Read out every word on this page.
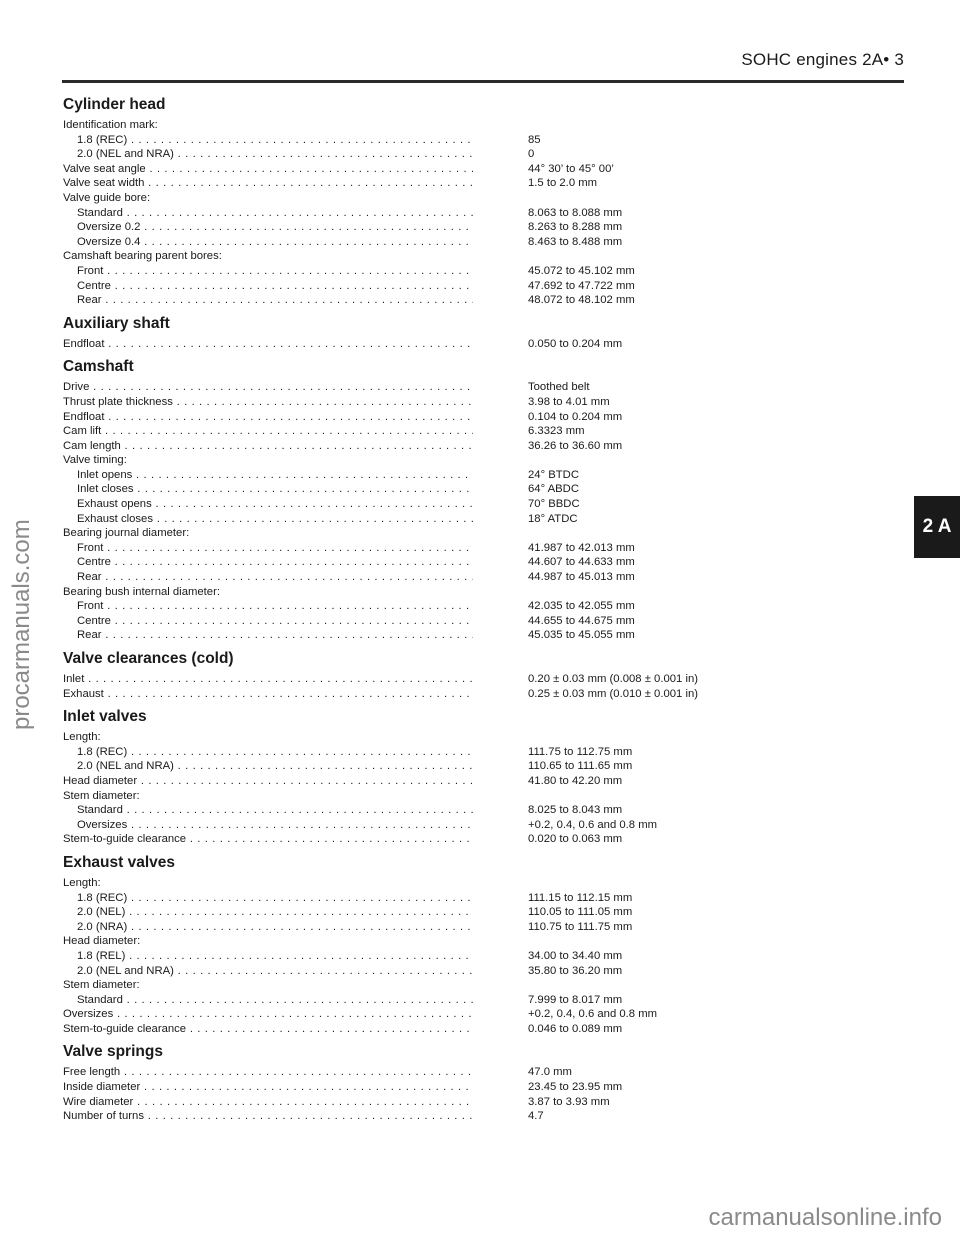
SOHC engines 2A• 3
Cylinder head
Identification mark:
1.8 (REC) . . .	85
2.0 (NEL and NRA) . . .	0
Valve seat angle . . .	44° 30’ to 45° 00’
Valve seat width . . .	1.5 to 2.0 mm
Valve guide bore:
Standard . . .	8.063 to 8.088 mm
Oversize 0.2 . . .	8.263 to 8.288 mm
Oversize 0.4 . . .	8.463 to 8.488 mm
Camshaft bearing parent bores:
Front . . .	45.072 to 45.102 mm
Centre . . .	47.692 to 47.722 mm
Rear . . .	48.072 to 48.102 mm
Auxiliary shaft
Endfloat . . .	0.050 to 0.204 mm
Camshaft
Drive . . .	Toothed belt
Thrust plate thickness . . .	3.98 to 4.01 mm
Endfloat . . .	0.104 to 0.204 mm
Cam lift . . .	6.3323 mm
Cam length . . .	36.26 to 36.60 mm
Valve timing:
Inlet opens . . .	24° BTDC
Inlet closes . . .	64° ABDC
Exhaust opens . . .	70° BBDC
Exhaust closes . . .	18° ATDC
Bearing journal diameter:
Front . . .	41.987 to 42.013 mm
Centre . . .	44.607 to 44.633 mm
Rear . . .	44.987 to 45.013 mm
Bearing bush internal diameter:
Front . . .	42.035 to 42.055 mm
Centre . . .	44.655 to 44.675 mm
Rear . . .	45.035 to 45.055 mm
Valve clearances (cold)
Inlet . . .	0.20 ± 0.03 mm (0.008 ± 0.001 in)
Exhaust . . .	0.25 ± 0.03 mm (0.010 ± 0.001 in)
Inlet valves
Length:
1.8 (REC) . . .	111.75 to 112.75 mm
2.0 (NEL and NRA) . . .	110.65 to 111.65 mm
Head diameter . . .	41.80 to 42.20 mm
Stem diameter:
Standard . . .	8.025 to 8.043 mm
Oversizes . . .	+0.2, 0.4, 0.6 and 0.8 mm
Stem-to-guide clearance . . .	0.020 to 0.063 mm
Exhaust valves
Length:
1.8 (REC) . . .	111.15 to 112.15 mm
2.0 (NEL) . . .	110.05 to 111.05 mm
2.0 (NRA) . . .	110.75 to 111.75 mm
Head diameter:
1.8 (REL) . . .	34.00 to 34.40 mm
2.0 (NEL and NRA) . . .	35.80 to 36.20 mm
Stem diameter:
Standard . . .	7.999 to 8.017 mm
Oversizes . . .	+0.2, 0.4, 0.6 and 0.8 mm
Stem-to-guide clearance . . .	0.046 to 0.089 mm
Valve springs
Free length . . .	47.0 mm
Inside diameter . . .	23.45 to 23.95 mm
Wire diameter . . .	3.87 to 3.93 mm
Number of turns . . .	4.7
2 A
procarmanuals.com
carmanualsonline.info
